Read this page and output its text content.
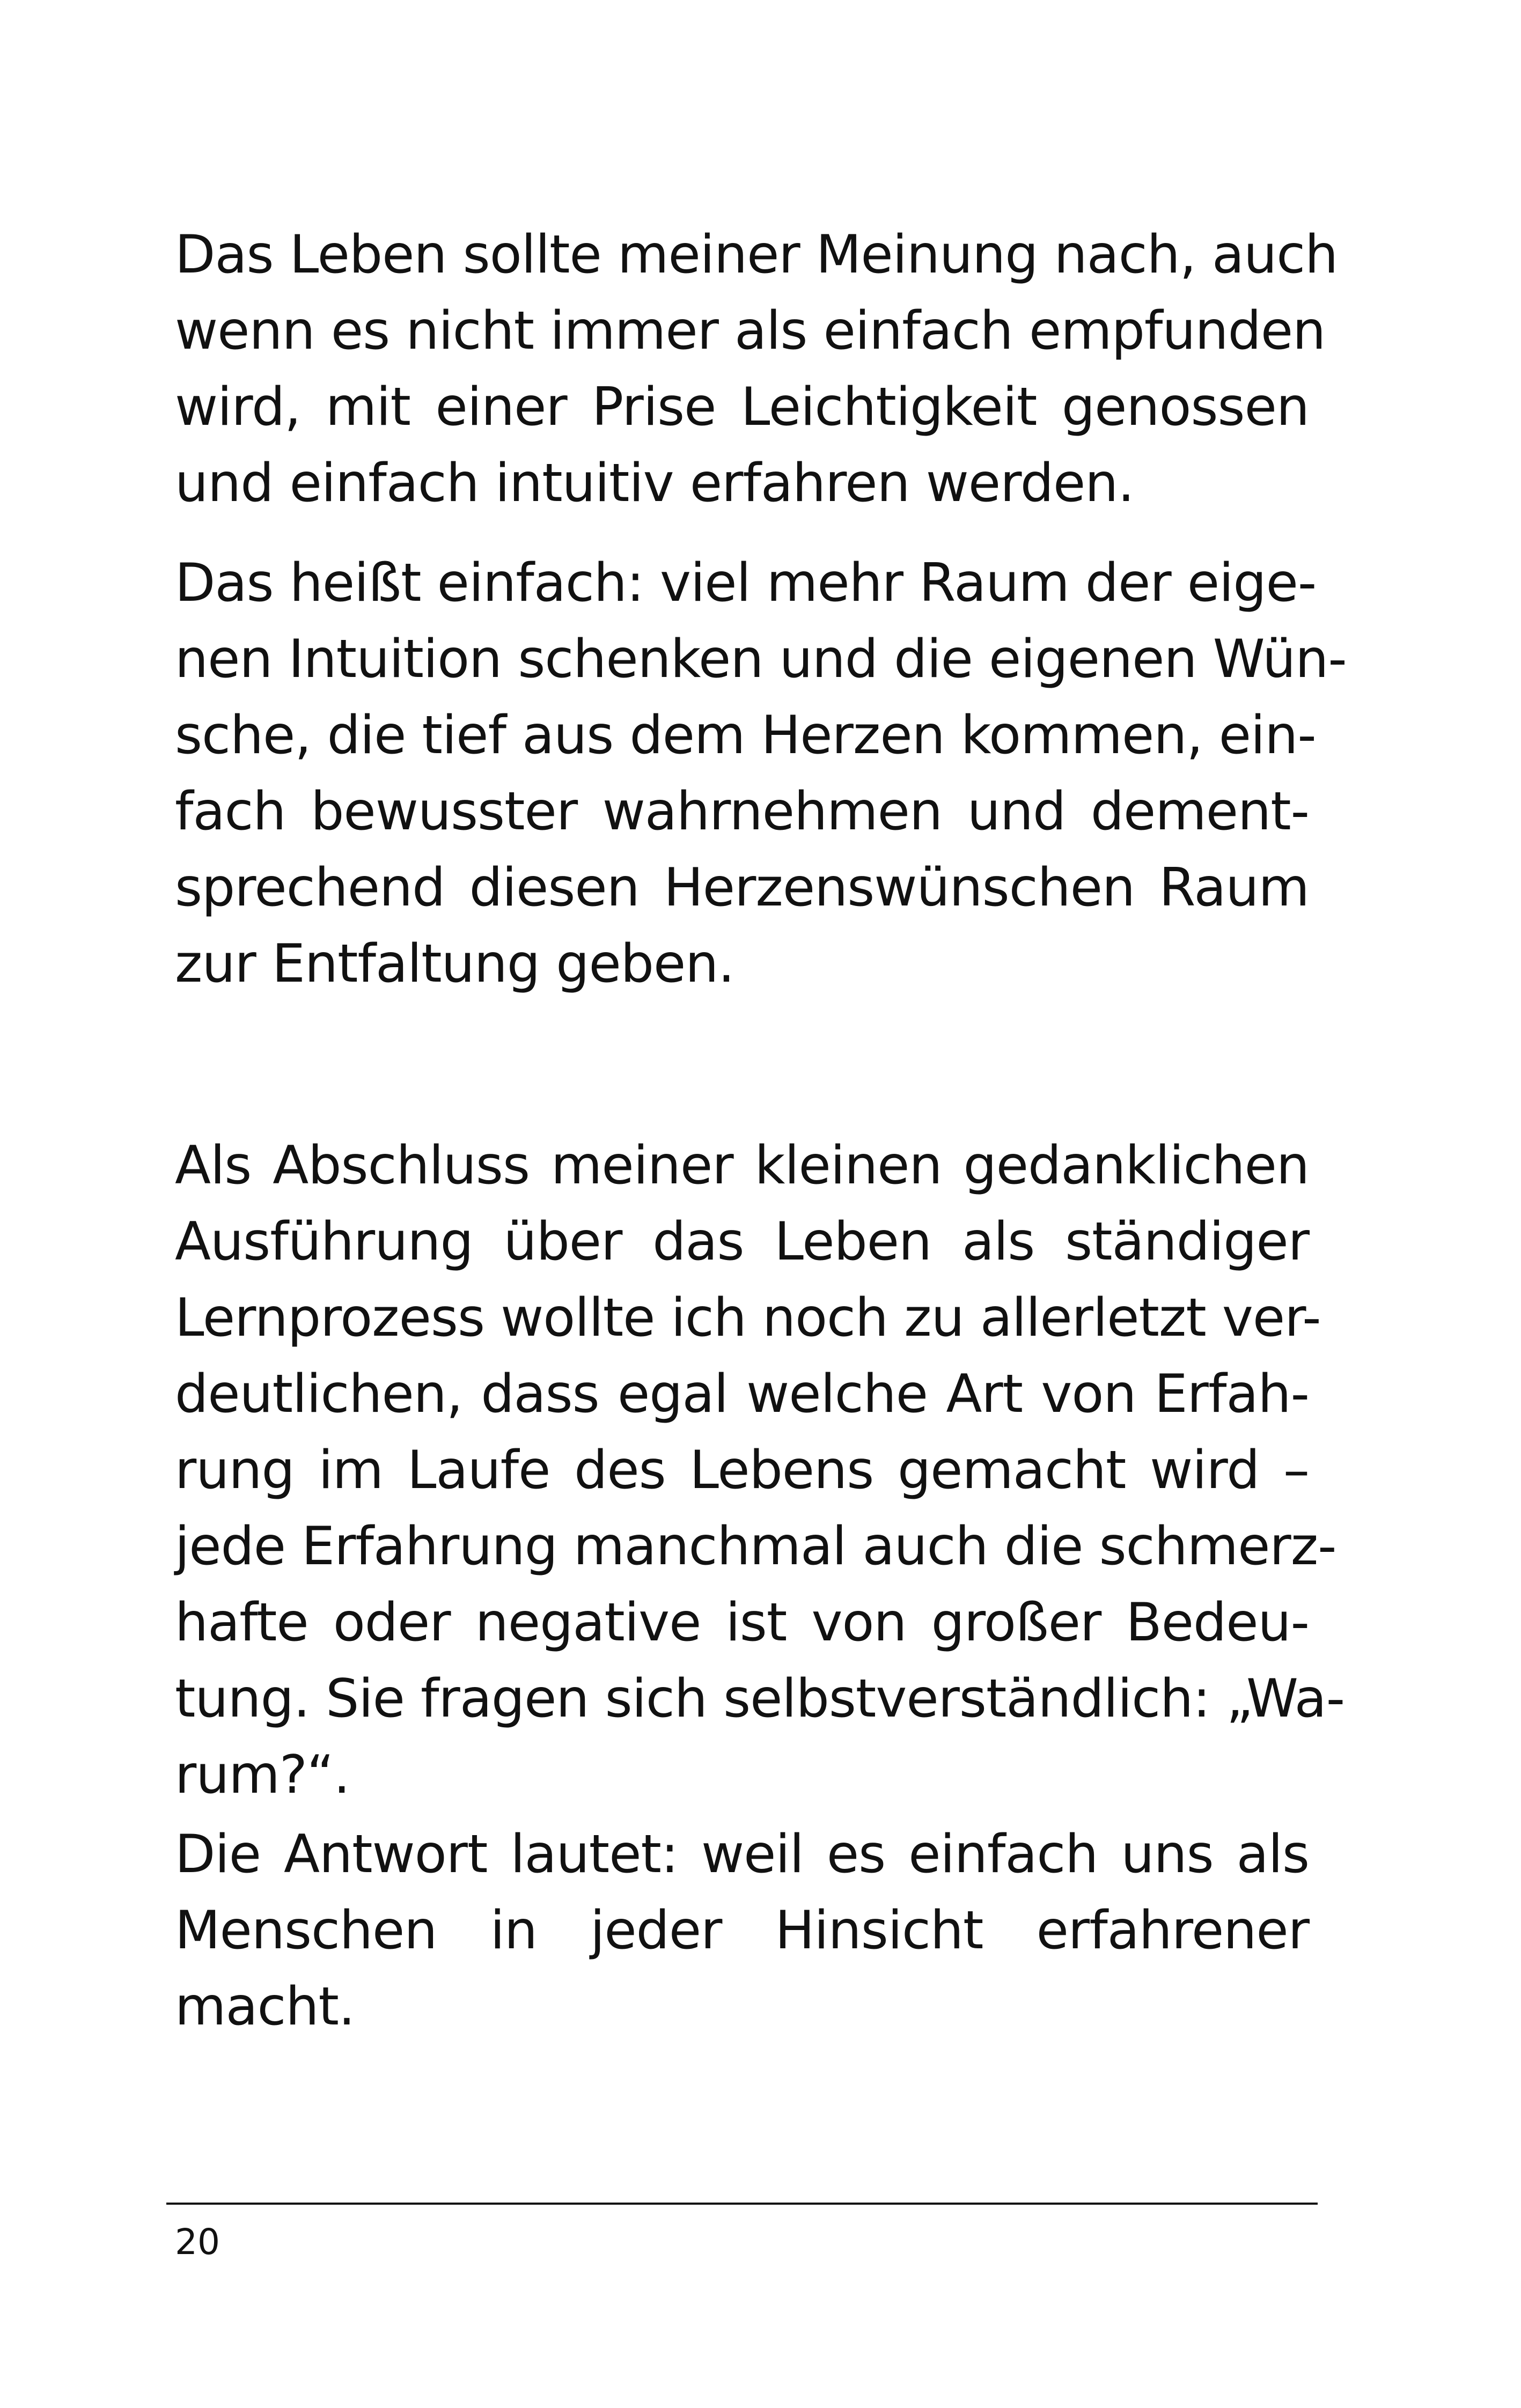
Das Leben sollte meiner Meinung nach, auch
wenn es nicht immer als einfach empfunden
wird, mit einer Prise Leichtigkeit genossen
und einfach intuitiv erfahren werden.

Das heißt einfach: viel mehr Raum der eige-
nen Intuition schenken und die eigenen Wün-
sche, die tief aus dem Herzen kommen, ein-
fach bewusster wahrnehmen und dement-
sprechend diesen Herzenswünschen Raum
zur Entfaltung geben.

Als Abschluss meiner kleinen gedanklichen
Ausführung über das Leben als ständiger
Lernprozess wollte ich noch zu allerletzt ver-
deutlichen, dass egal welche Art von Erfah-
rung im Laufe des Lebens gemacht wird –
jede Erfahrung manchmal auch die schmerz-
hafte oder negative ist von großer Bedeu-
tung. Sie fragen sich selbstverständlich: „Wa-
rum?“.

Die Antwort lautet: weil es einfach uns als
Menschen in jeder Hinsicht erfahrener
macht.

20
